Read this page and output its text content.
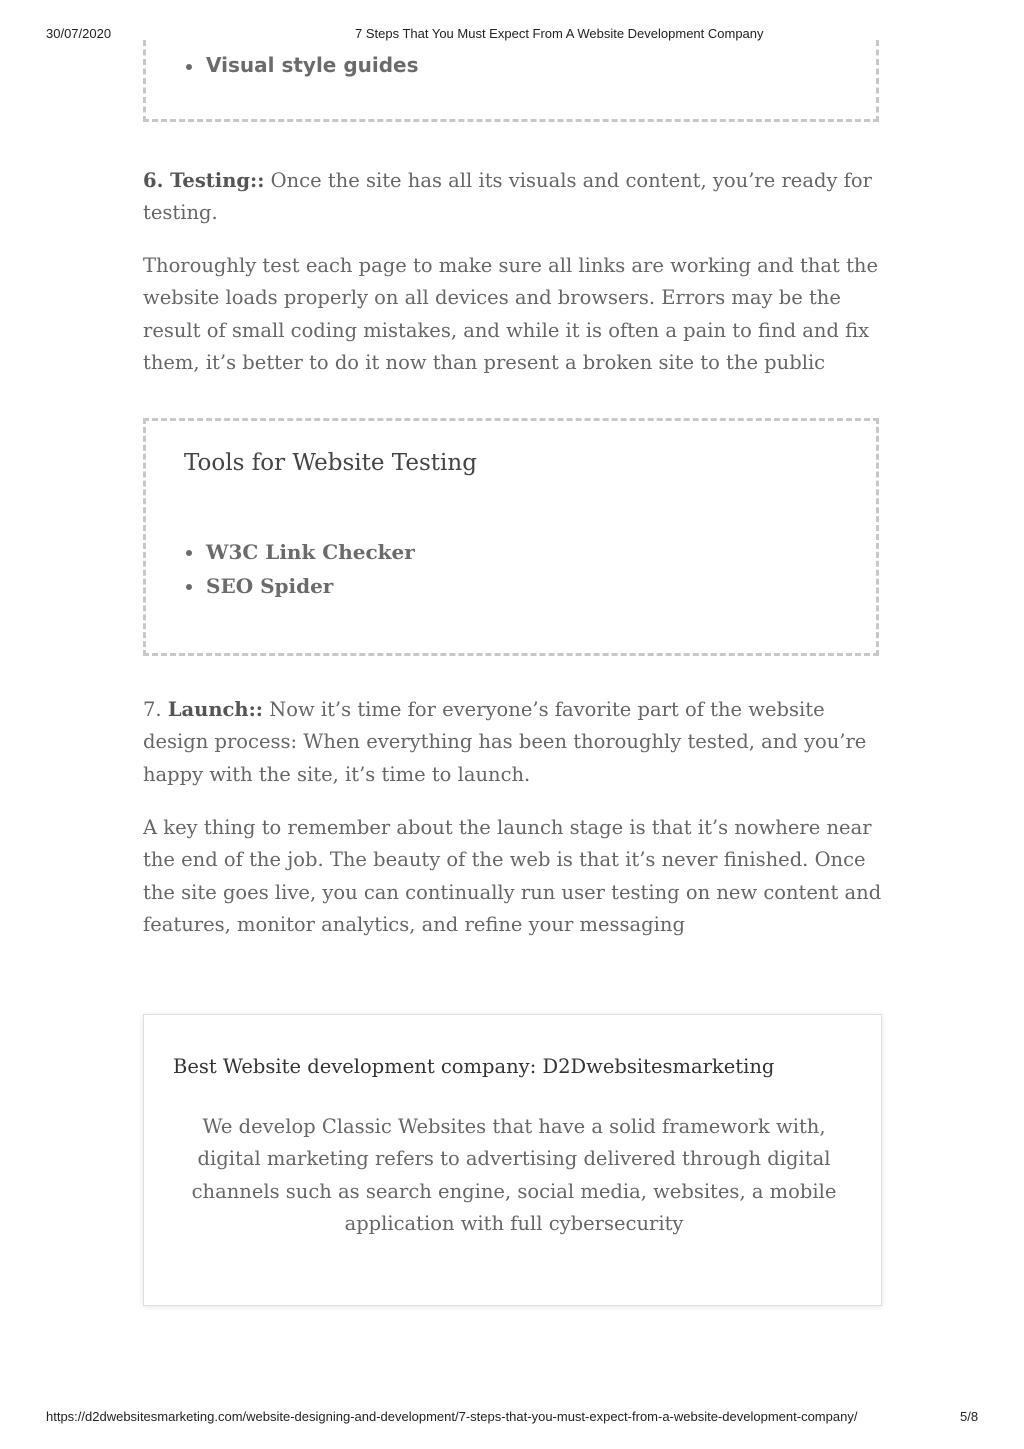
30/07/2020	7 Steps That You Must Expect From A Website Development Company
Visual style guides

6. Testing:: Once the site has all its visuals and content, you’re ready for testing.

Thoroughly test each page to make sure all links are working and that the website loads properly on all devices and browsers. Errors may be the result of small coding mistakes, and while it is often a pain to find and fix them, it’s better to do it now than present a broken site to the public

Tools for Website Testing
W3C Link Checker
SEO Spider

7. Launch:: Now it’s time for everyone’s favorite part of the website design process: When everything has been thoroughly tested, and you’re happy with the site, it’s time to launch.

A key thing to remember about the launch stage is that it’s nowhere near the end of the job. The beauty of the web is that it’s never finished. Once the site goes live, you can continually run user testing on new content and features, monitor analytics, and refine your messaging

Best Website development company: D2Dwebsitesmarketing

We develop Classic Websites that have a solid framework with, digital marketing refers to advertising delivered through digital channels such as search engine, social media, websites, a mobile application with full cybersecurity

https://d2dwebsitesmarketing.com/website-designing-and-development/7-steps-that-you-must-expect-from-a-website-development-company/	5/8
